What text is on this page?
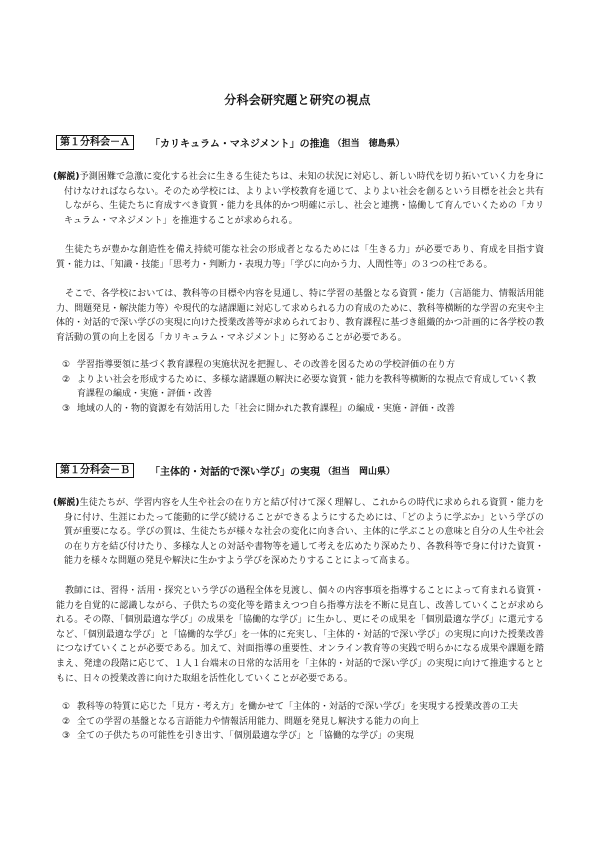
分科会研究題と研究の視点
第１分科会－Ａ	「カリキュラム・マネジメント」の推進 （担当　徳島県）

(解説)予測困難で急激に変化する社会に生きる生徒たちは、未知の状況に対応し、新しい時代を切り拓いていく力を身に付けなければならない。そのため学校には、よりよい学校教育を通じて、よりよい社会を創るという目標を社会と共有しながら、生徒たちに育成すべき資質・能力を具体的かつ明確に示し、社会と連携・協働して育んでいくための「カリキュラム・マネジメント」を推進することが求められる。

生徒たちが豊かな創造性を備え持続可能な社会の形成者となるためには「生きる力」が必要であり、育成を目指す資質・能力は、「知識・技能」「思考力・判断力・表現力等」「学びに向かう力、人間性等」の３つの柱である。

そこで、各学校においては、教科等の目標や内容を見通し、特に学習の基盤となる資質・能力（言語能力、情報活用能力、問題発見・解決能力等）や現代的な諸課題に対応して求められる力の育成のために、教科等横断的な学習の充実や主体的・対話的で深い学びの実現に向けた授業改善等が求められており、教育課程に基づき組織的かつ計画的に各学校の教育活動の質の向上を図る「カリキュラム・マネジメント」に努めることが必要である。

① 学習指導要領に基づく教育課程の実施状況を把握し、その改善を図るための学校評価の在り方
② よりよい社会を形成するために、多様な諸課題の解決に必要な資質・能力を教科等横断的な視点で育成していく教育課程の編成・実施・評価・改善
③ 地域の人的・物的資源を有効活用した「社会に開かれた教育課程」の編成・実施・評価・改善
第１分科会－Ｂ	「主体的・対話的で深い学び」の実現 （担当　岡山県）

(解説)生徒たちが、学習内容を人生や社会の在り方と結び付けて深く理解し、これからの時代に求められる資質・能力を身に付け、生涯にわたって能動的に学び続けることができるようにするためには、「どのように学ぶか」という学びの質が重要になる。学びの質は、生徒たちが様々な社会の変化に向き合い、主体的に学ぶことの意味と自分の人生や社会の在り方を結び付けたり、多様な人との対話や書物等を通して考えを広めたり深めたり、各教科等で身に付けた資質・能力を様々な問題の発見や解決に生かすよう学びを深めたりすることによって高まる。

教師には、習得・活用・探究という学びの過程全体を見渡し、個々の内容事項を指導することによって育まれる資質・能力を自覚的に認識しながら、子供たちの変化等を踏まえつつ自ら指導方法を不断に見直し、改善していくことが求められる。その際、「個別最適な学び」の成果を「協働的な学び」に生かし、更にその成果を「個別最適な学び」に還元するなど、「個別最適な学び」と「協働的な学び」を一体的に充実し、「主体的・対話的で深い学び」の実現に向けた授業改善につなげていくことが必要である。加えて、対面指導の重要性、オンライン教育等の実践で明らかになる成果や課題を踏まえ、発達の段階に応じて、１人１台端末の日常的な活用を「主体的・対話的で深い学び」の実現に向けて推進するとともに、日々の授業改善に向けた取組を活性化していくことが必要である。

① 教科等の特質に応じた「見方・考え方」を働かせて「主体的・対話的で深い学び」を実現する授業改善の工夫
② 全ての学習の基盤となる言語能力や情報活用能力、問題を発見し解決する能力の向上
③ 全ての子供たちの可能性を引き出す、「個別最適な学び」と「協働的な学び」の実現
